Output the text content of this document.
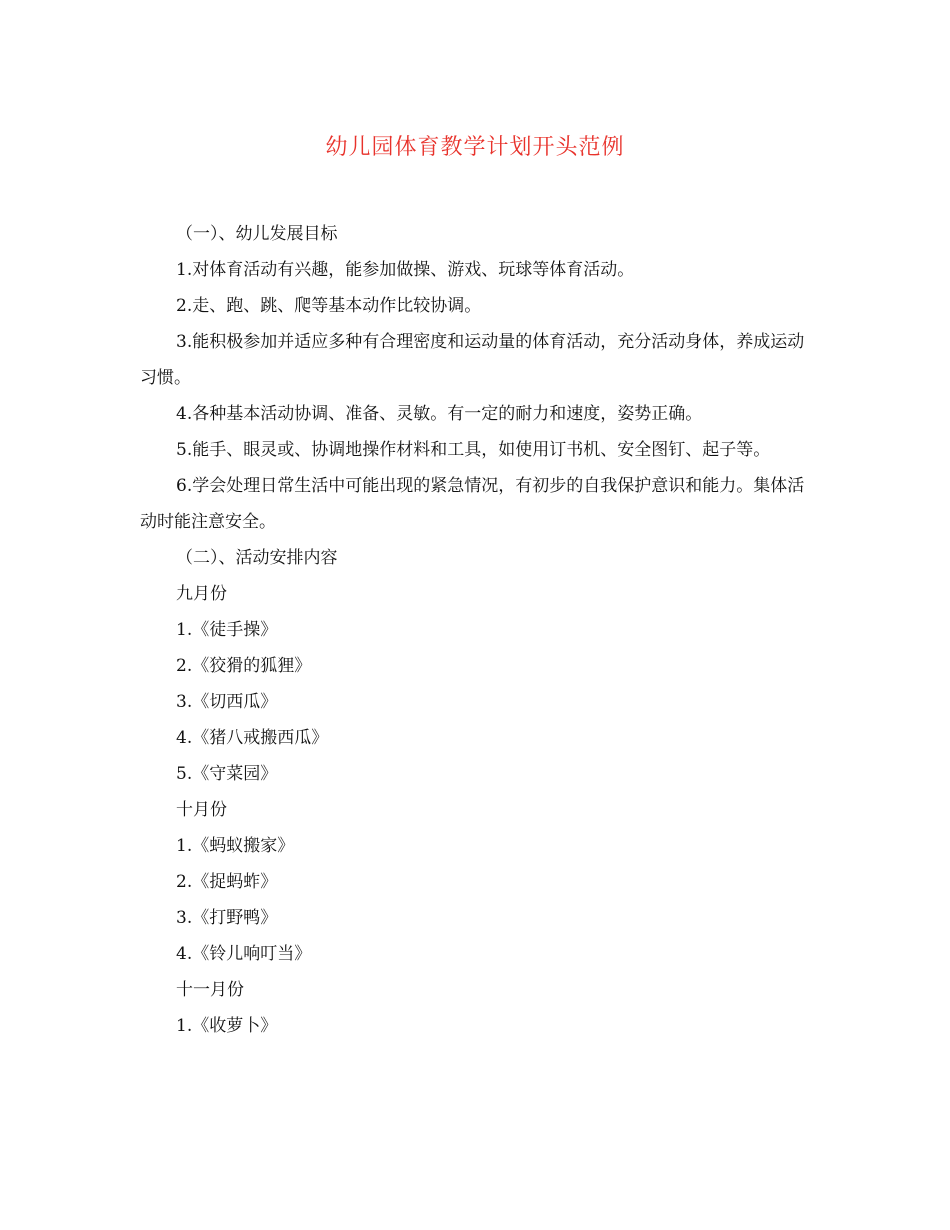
幼儿园体育教学计划开头范例

（一）、幼儿发展目标

1.对体育活动有兴趣，能参加做操、游戏、玩球等体育活动。

2.走、跑、跳、爬等基本动作比较协调。

3.能积极参加并适应多种有合理密度和运动量的体育活动，充分活动身体，养成运动习惯。

4.各种基本活动协调、准备、灵敏。有一定的耐力和速度，姿势正确。

5.能手、眼灵或、协调地操作材料和工具，如使用订书机、安全图钉、起子等。

6.学会处理日常生活中可能出现的紧急情况，有初步的自我保护意识和能力。集体活动时能注意安全。

（二）、活动安排内容

九月份

1.《徒手操》

2.《狡猾的狐狸》

3.《切西瓜》

4.《猪八戒搬西瓜》

5.《守菜园》

十月份

1.《蚂蚁搬家》

2.《捉蚂蚱》

3.《打野鸭》

4.《铃儿响叮当》

十一月份

1.《收萝卜》
